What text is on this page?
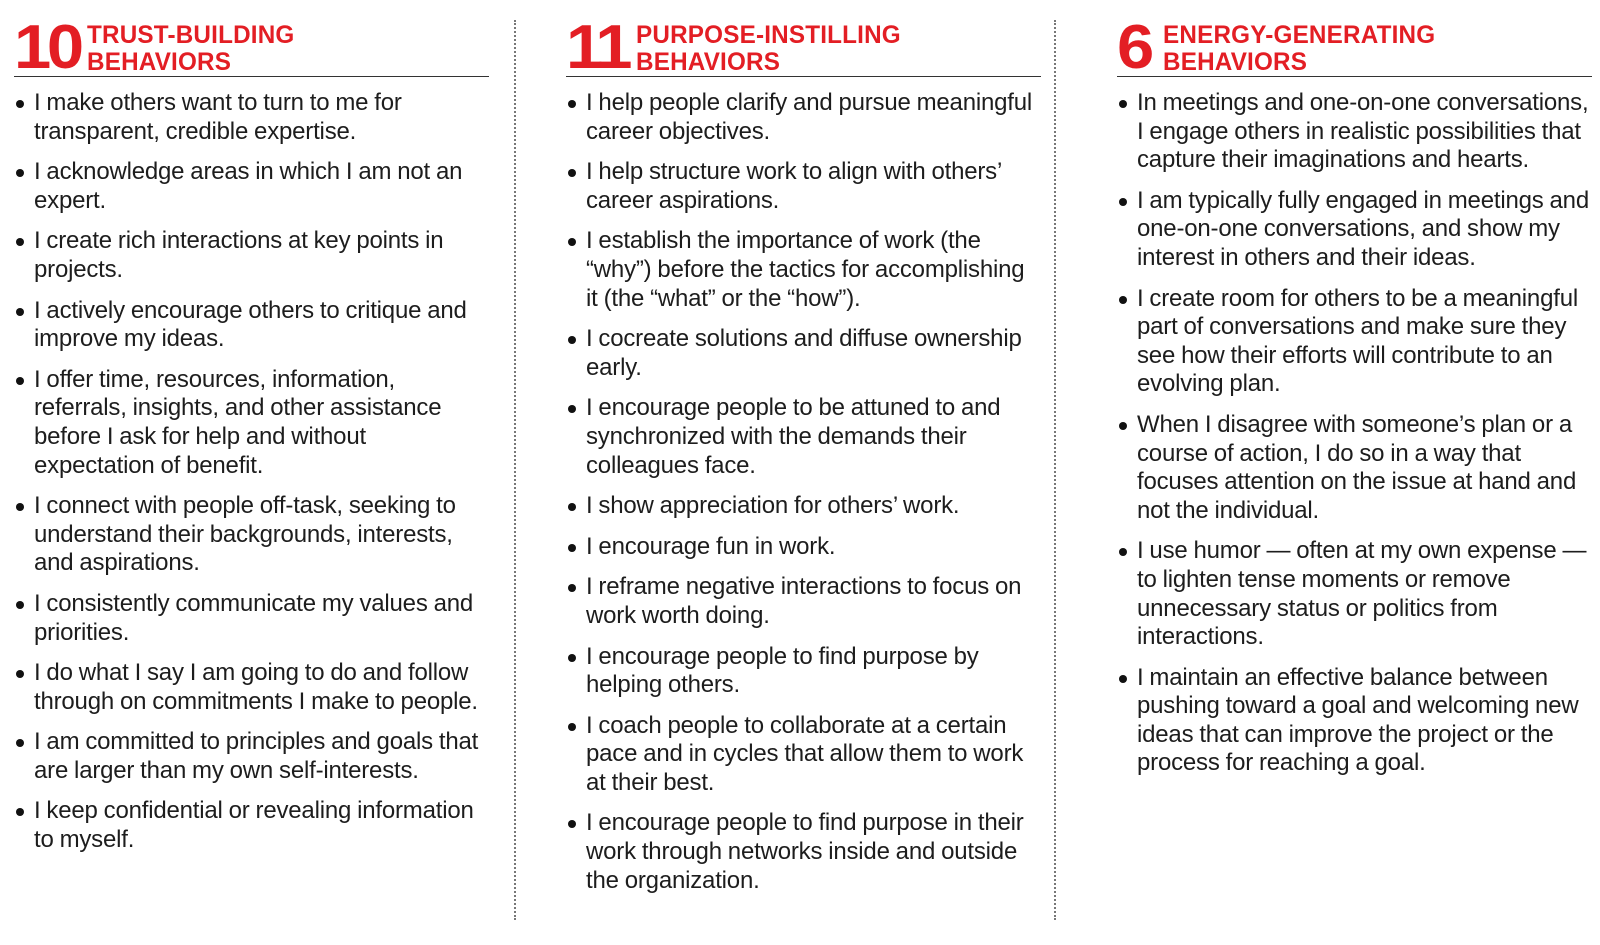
10 TRUST-BUILDING
BEHAVIORS
I make others want to turn to me for transparent, credible expertise.
I acknowledge areas in which I am not an expert.
I create rich interactions at key points in projects.
I actively encourage others to critique and improve my ideas.
I offer time, resources, information, referrals, insights, and other assistance before I ask for help and without expectation of benefit.
I connect with people off-task, seeking to understand their backgrounds, interests, and aspirations.
I consistently communicate my values and priorities.
I do what I say I am going to do and follow through on commitments I make to people.
I am committed to principles and goals that are larger than my own self-interests.
I keep confidential or revealing information to myself.
11 PURPOSE-INSTILLING
BEHAVIORS
I help people clarify and pursue meaningful career objectives.
I help structure work to align with others’ career aspirations.
I establish the importance of work (the “why”) before the tactics for accomplishing it (the “what” or the “how”).
I cocreate solutions and diffuse ownership early.
I encourage people to be attuned to and synchronized with the demands their colleagues face.
I show appreciation for others’ work.
I encourage fun in work.
I reframe negative interactions to focus on work worth doing.
I encourage people to find purpose by helping others.
I coach people to collaborate at a certain pace and in cycles that allow them to work at their best.
I encourage people to find purpose in their work through networks inside and outside the organization.
6 ENERGY-GENERATING
BEHAVIORS
In meetings and one-on-one conversations, I engage others in realistic possibilities that capture their imaginations and hearts.
I am typically fully engaged in meetings and one-on-one conversations, and show my interest in others and their ideas.
I create room for others to be a meaningful part of conversations and make sure they see how their efforts will contribute to an evolving plan.
When I disagree with someone’s plan or a course of action, I do so in a way that focuses attention on the issue at hand and not the individual.
I use humor — often at my own expense — to lighten tense moments or remove unnecessary status or politics from interactions.
I maintain an effective balance between pushing toward a goal and welcoming new ideas that can improve the project or the process for reaching a goal.
